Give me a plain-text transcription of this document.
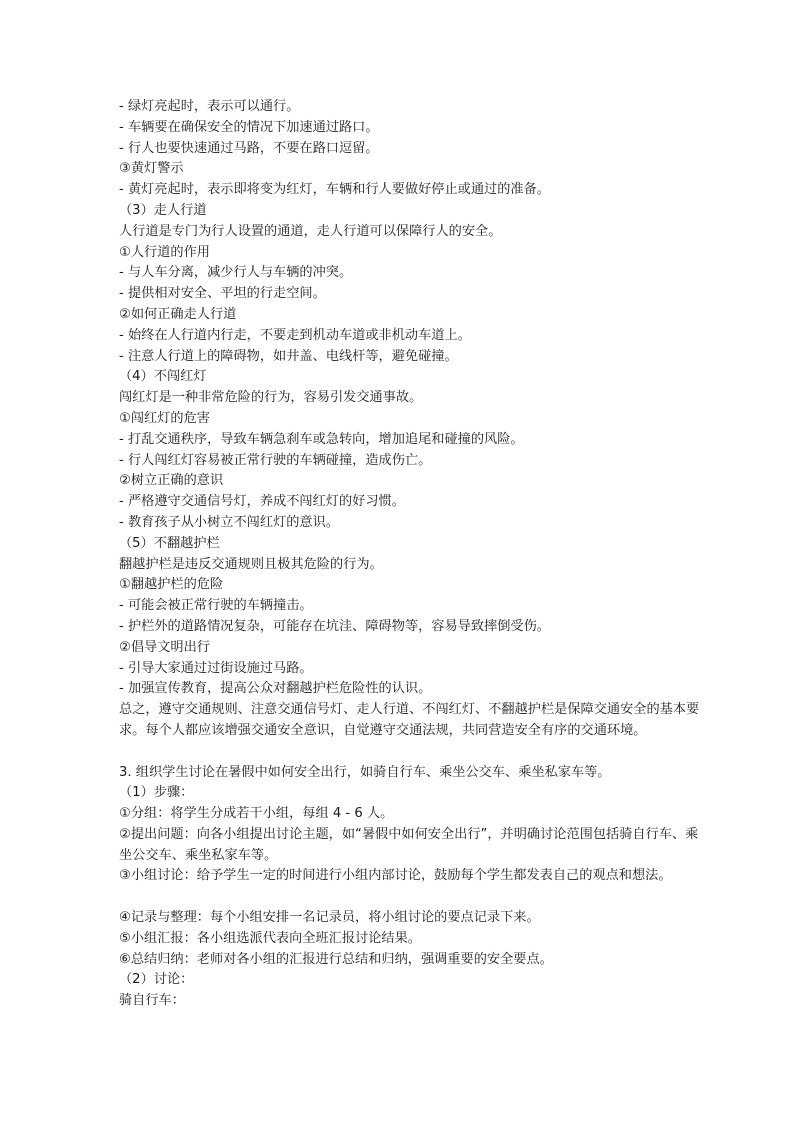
- 绿灯亮起时，表示可以通行。
- 车辆要在确保安全的情况下加速通过路口。
- 行人也要快速通过马路，不要在路口逗留。
③黄灯警示
- 黄灯亮起时，表示即将变为红灯，车辆和行人要做好停止或通过的准备。
（3）走人行道
人行道是专门为行人设置的通道，走人行道可以保障行人的安全。
①人行道的作用
- 与人车分离，减少行人与车辆的冲突。
- 提供相对安全、平坦的行走空间。
②如何正确走人行道
- 始终在人行道内行走，不要走到机动车道或非机动车道上。
- 注意人行道上的障碍物，如井盖、电线杆等，避免碰撞。
（4）不闯红灯
闯红灯是一种非常危险的行为，容易引发交通事故。
①闯红灯的危害
- 打乱交通秩序，导致车辆急刹车或急转向，增加追尾和碰撞的风险。
- 行人闯红灯容易被正常行驶的车辆碰撞，造成伤亡。
②树立正确的意识
- 严格遵守交通信号灯，养成不闯红灯的好习惯。
- 教育孩子从小树立不闯红灯的意识。
（5）不翻越护栏
翻越护栏是违反交通规则且极其危险的行为。
①翻越护栏的危险
- 可能会被正常行驶的车辆撞击。
- 护栏外的道路情况复杂，可能存在坑洼、障碍物等，容易导致摔倒受伤。
②倡导文明出行
- 引导大家通过过街设施过马路。
- 加强宣传教育，提高公众对翻越护栏危险性的认识。
总之，遵守交通规则、注意交通信号灯、走人行道、不闯红灯、不翻越护栏是保障交通安全的基本要求。每个人都应该增强交通安全意识，自觉遵守交通法规，共同营造安全有序的交通环境。
3. 组织学生讨论在暑假中如何安全出行，如骑自行车、乘坐公交车、乘坐私家车等。
（1）步骤：
①分组：将学生分成若干小组，每组 4 - 6 人。
②提出问题：向各小组提出讨论主题，如“暑假中如何安全出行”，并明确讨论范围包括骑自行车、乘坐公交车、乘坐私家车等。
③小组讨论：给予学生一定的时间进行小组内部讨论，鼓励每个学生都发表自己的观点和想法。
④记录与整理：每个小组安排一名记录员，将小组讨论的要点记录下来。
⑤小组汇报：各小组选派代表向全班汇报讨论结果。
⑥总结归纳：老师对各小组的汇报进行总结和归纳，强调重要的安全要点。
（2）讨论：
骑自行车：
